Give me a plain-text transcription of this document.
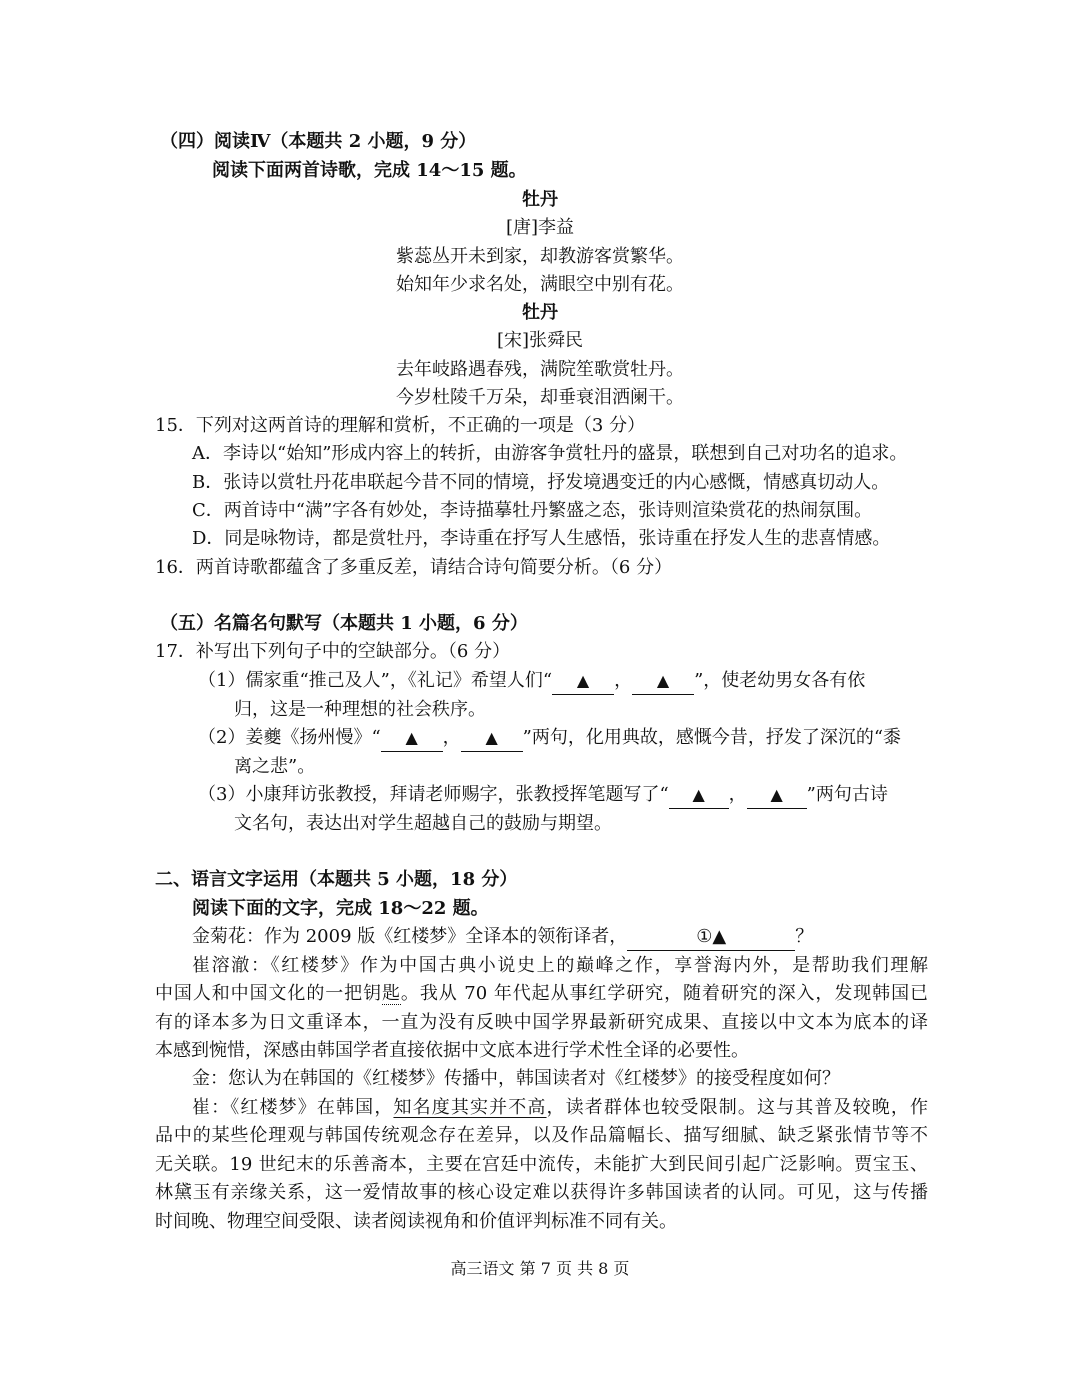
（四）阅读Ⅳ（本题共 2 小题，9 分）
阅读下面两首诗歌，完成 14～15 题。
牡丹
[唐]李益
紫蕊丛开未到家，却教游客赏繁华。
始知年少求名处，满眼空中别有花。
牡丹
[宋]张舜民
去年岐路遇春残，满院笙歌赏牡丹。
今岁杜陵千万朵，却垂衰泪洒阑干。
15．下列对这两首诗的理解和赏析，不正确的一项是（3 分）
A．李诗以“始知”形成内容上的转折，由游客争赏牡丹的盛景，联想到自己对功名的追求。
B．张诗以赏牡丹花串联起今昔不同的情境，抒发境遇变迁的内心感慨，情感真切动人。
C．两首诗中“满”字各有妙处，李诗描摹牡丹繁盛之态，张诗则渲染赏花的热闹氛围。
D．同是咏物诗，都是赏牡丹，李诗重在抒写人生感悟，张诗重在抒发人生的悲喜情感。
16．两首诗歌都蕴含了多重反差，请结合诗句简要分析。（6 分）
（五）名篇名句默写（本题共 1 小题，6 分）
17．补写出下列句子中的空缺部分。（6 分）
（1）儒家重“推己及人”，《礼记》希望人们“ ▲ ， ▲ ”，使老幼男女各有依
归，这是一种理想的社会秩序。
（2）姜夔《扬州慢》“ ▲ ， ▲ ”两句，化用典故，感慨今昔，抒发了深沉的“黍
离之悲”。
（3）小康拜访张教授，拜请老师赐字，张教授挥笔题写了“ ▲ ， ▲ ”两句古诗
文名句，表达出对学生超越自己的鼓励与期望。
二、语言文字运用（本题共 5 小题，18 分）
阅读下面的文字，完成 18～22 题。
金菊花：作为 2009 版《红楼梦》全译本的领衔译者，	①▲	？
崔溶澈：《红楼梦》作为中国古典小说史上的巅峰之作，享誉海内外，是帮助我们理解
中国人和中国文化的一把钥匙。我从 70 年代起从事红学研究，随着研究的深入，发现韩国已
有的译本多为日文重译本，一直为没有反映中国学界最新研究成果、直接以中文本为底本的译
本感到惋惜，深感由韩国学者直接依据中文底本进行学术性全译的必要性。
金：您认为在韩国的《红楼梦》传播中，韩国读者对《红楼梦》的接受程度如何？
崔：《红楼梦》在韩国，知名度其实并不高，读者群体也较受限制。这与其普及较晚，作
品中的某些伦理观与韩国传统观念存在差异，以及作品篇幅长、描写细腻、缺乏紧张情节等不
无关联。19 世纪末的乐善斋本，主要在宫廷中流传，未能扩大到民间引起广泛影响。贾宝玉、
林黛玉有亲缘关系，这一爱情故事的核心设定难以获得许多韩国读者的认同。可见，这与传播
时间晚、物理空间受限、读者阅读视角和价值评判标准不同有关。
高三语文 第 7 页 共 8 页
